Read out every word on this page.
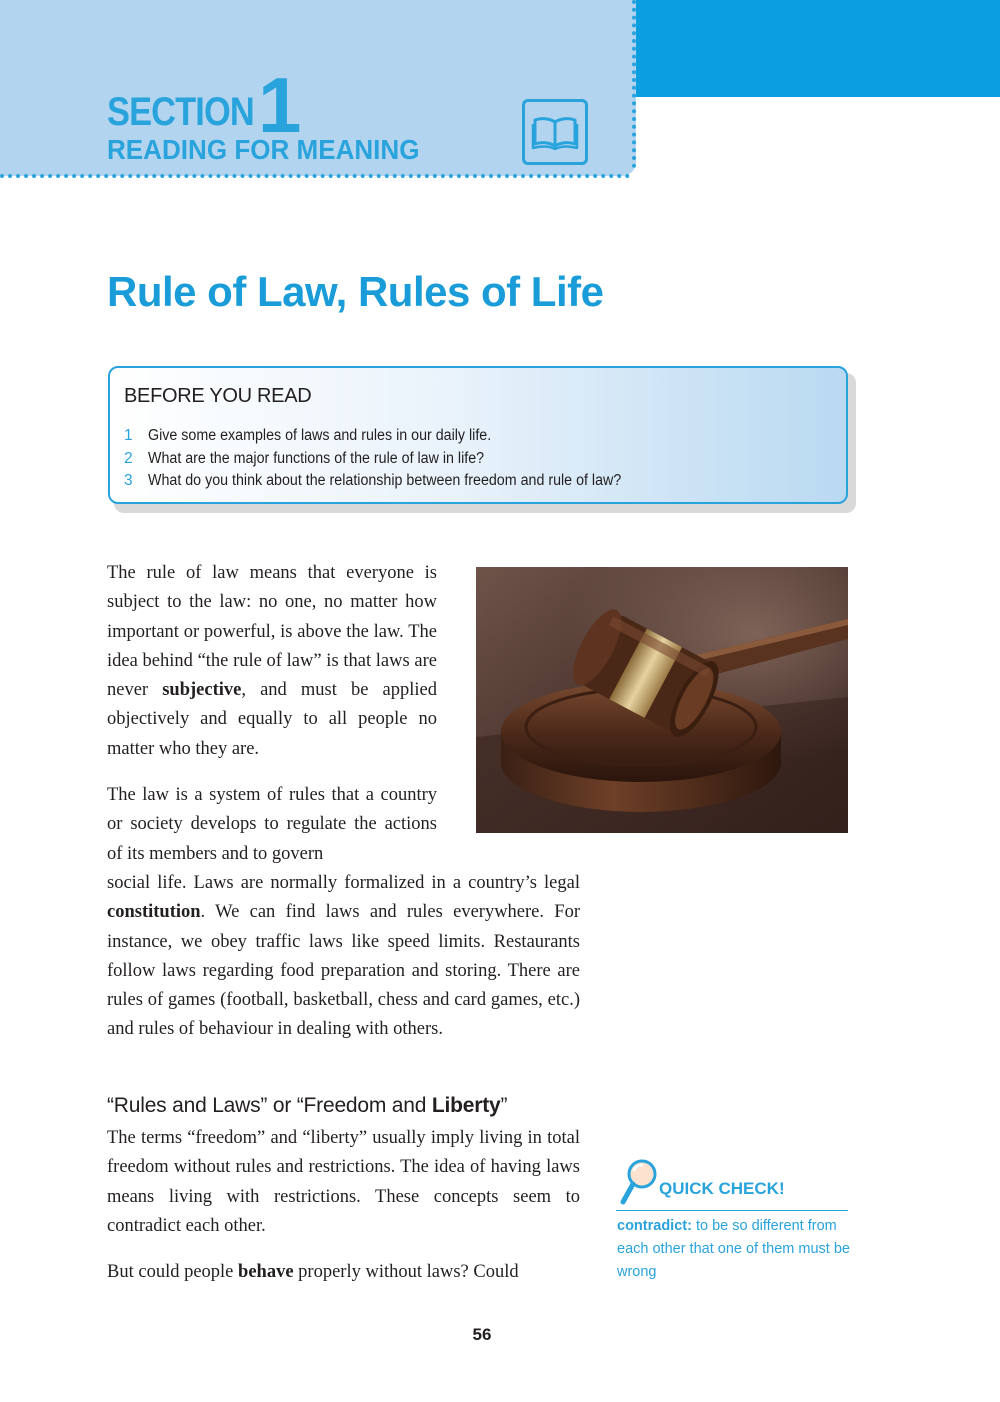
SECTION 1
READING FOR MEANING
Rule of Law, Rules of Life
BEFORE YOU READ
1 Give some examples of laws and rules in our daily life.
2 What are the major functions of the rule of law in life?
3 What do you think about the relationship between freedom and rule of law?

The rule of law means that everyone is subject to the law: no one, no matter how important or powerful, is above the law. The idea behind “the rule of law” is that laws are never subjective, and must be applied objectively and equally to all people no matter who they are.

The law is a system of rules that a country or society develops to regulate the actions of its members and to govern

social life. Laws are normally formalized in a country’s legal constitution. We can find laws and rules everywhere. For instance, we obey traffic laws like speed limits. Restaurants follow laws regarding food preparation and storing. There are rules of games (football, basketball, chess and card games, etc.) and rules of behaviour in dealing with others.

“Rules and Laws” or “Freedom and Liberty”

The terms “freedom” and “liberty” usually imply living in total freedom without rules and restrictions. The idea of having laws means living with restrictions. These concepts seem to contradict each other.

But could people behave properly without laws? Could

QUICK CHECK!
contradict: to be so different from each other that one of them must be wrong
56
